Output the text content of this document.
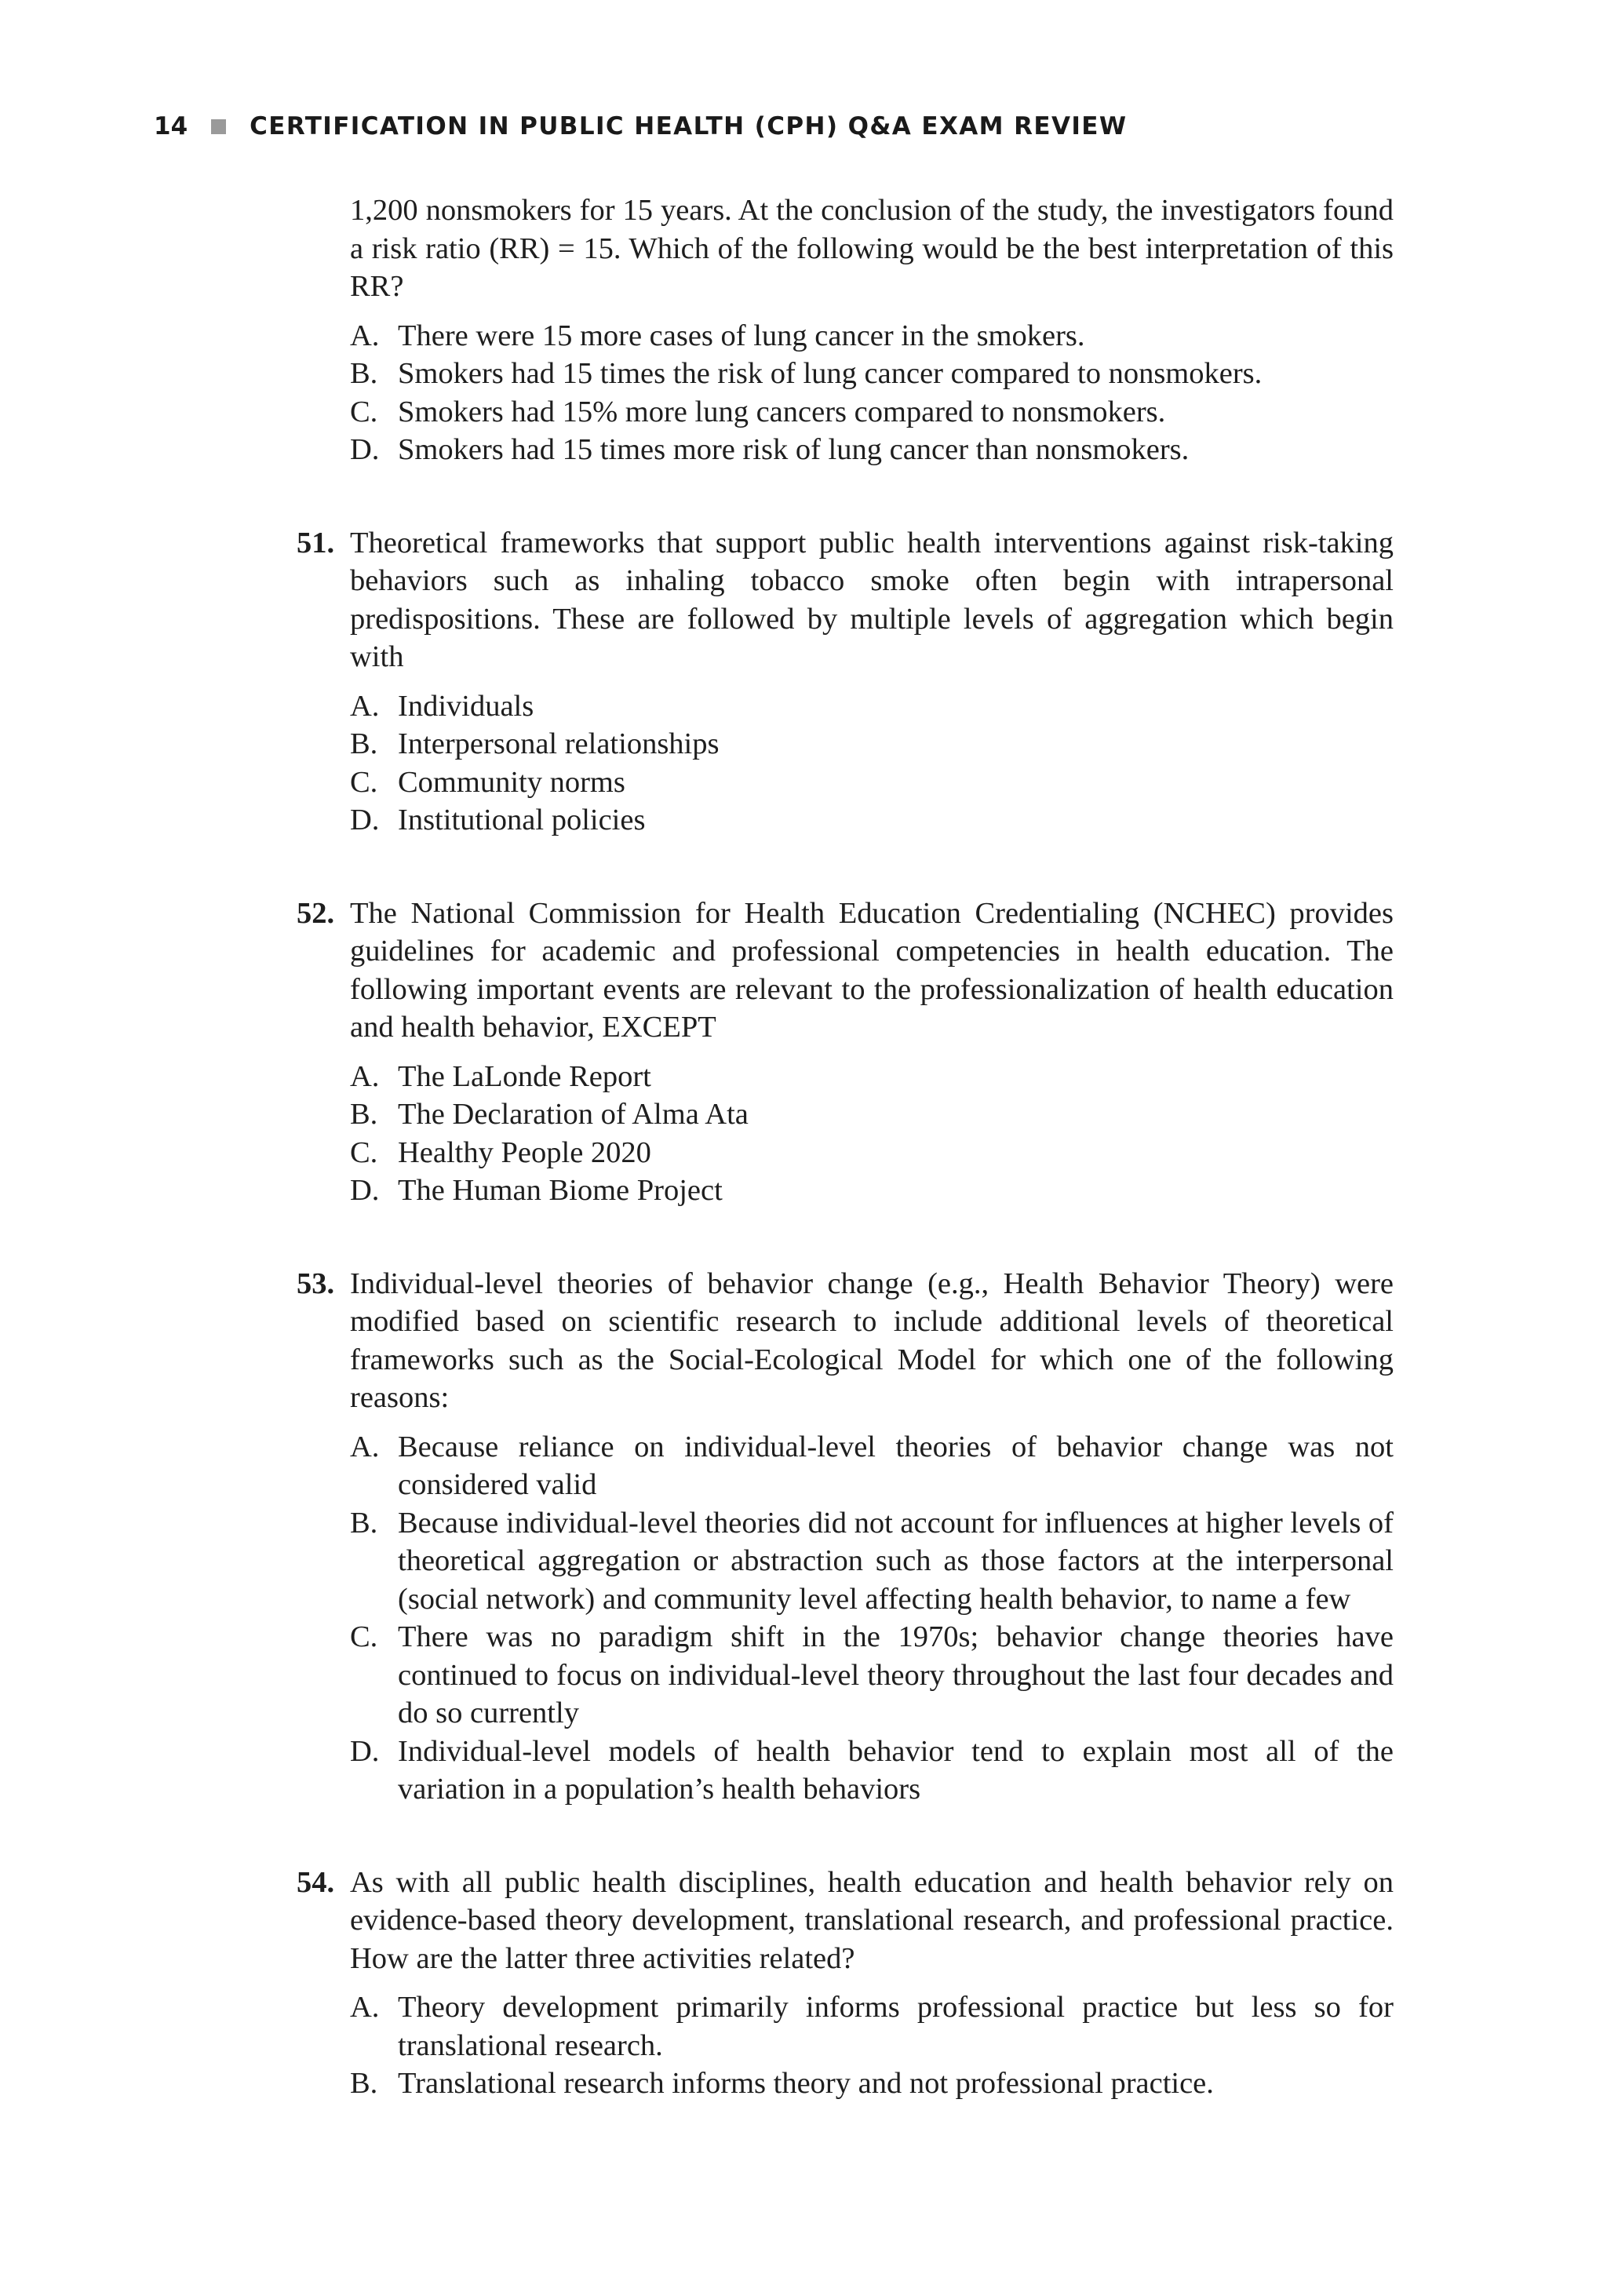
14	CERTIFICATION IN PUBLIC HEALTH (CPH) Q&A EXAM REVIEW

1,200 nonsmokers for 15 years. At the conclusion of the study, the investigators found a risk ratio (RR) = 15. Which of the following would be the best interpretation of this RR?

A. There were 15 more cases of lung cancer in the smokers.
B. Smokers had 15 times the risk of lung cancer compared to nonsmokers.
C. Smokers had 15% more lung cancers compared to nonsmokers.
D. Smokers had 15 times more risk of lung cancer than nonsmokers.

51. Theoretical frameworks that support public health interventions against risk-taking behaviors such as inhaling tobacco smoke often begin with intrapersonal predispositions. These are followed by multiple levels of aggregation which begin with

A. Individuals
B. Interpersonal relationships
C. Community norms
D. Institutional policies

52. The National Commission for Health Education Credentialing (NCHEC) provides guidelines for academic and professional competencies in health education. The following important events are relevant to the professionalization of health education and health behavior, EXCEPT

A. The LaLonde Report
B. The Declaration of Alma Ata
C. Healthy People 2020
D. The Human Biome Project

53. Individual-level theories of behavior change (e.g., Health Behavior Theory) were modified based on scientific research to include additional levels of theoretical frameworks such as the Social-Ecological Model for which one of the following reasons:

A. Because reliance on individual-level theories of behavior change was not considered valid
B. Because individual-level theories did not account for influences at higher levels of theoretical aggregation or abstraction such as those factors at the interpersonal (social network) and community level affecting health behavior, to name a few
C. There was no paradigm shift in the 1970s; behavior change theories have continued to focus on individual-level theory throughout the last four decades and do so currently
D. Individual-level models of health behavior tend to explain most all of the variation in a population’s health behaviors

54. As with all public health disciplines, health education and health behavior rely on evidence-based theory development, translational research, and professional practice. How are the latter three activities related?

A. Theory development primarily informs professional practice but less so for translational research.
B. Translational research informs theory and not professional practice.
